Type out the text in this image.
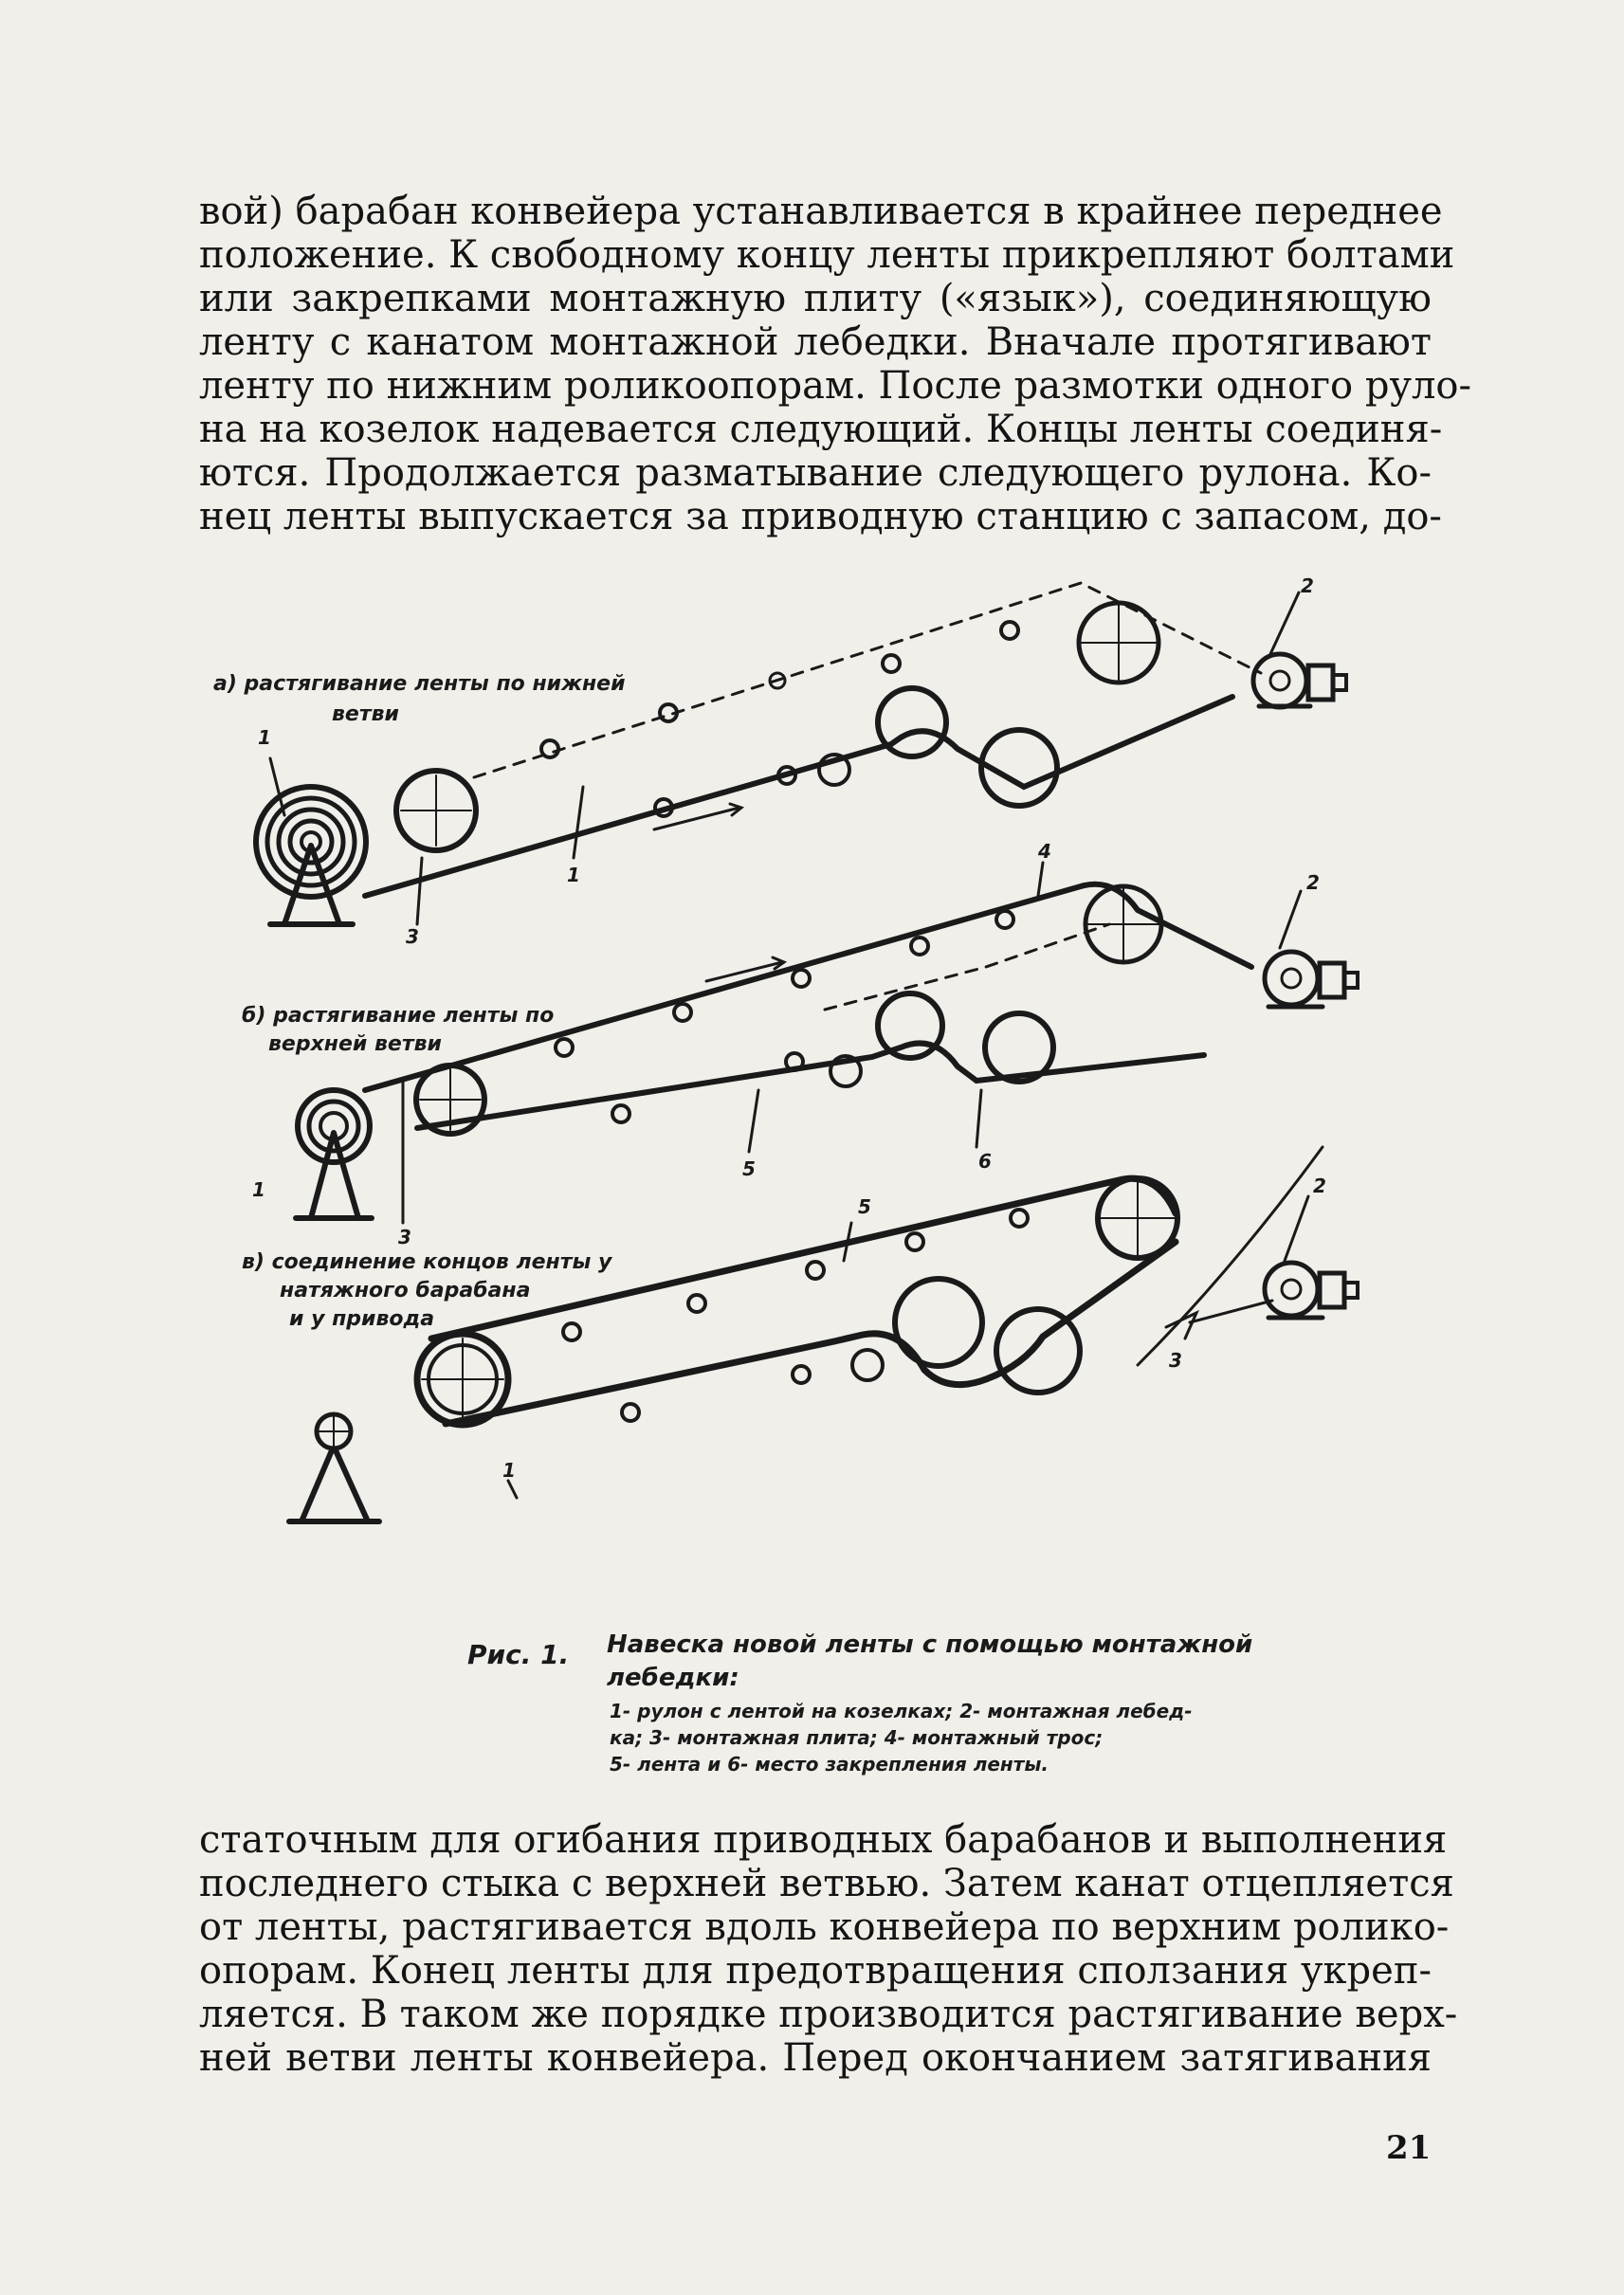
вой) барабан конвейера устанавливается в крайнее переднее
положение. К свободному концу ленты прикрепляют болтами
или закрепками монтажную плиту («язык»), соединяющую
ленту с канатом монтажной лебедки. Вначале протягивают
ленту по нижним роликоопорам. После размотки одного руло-
на на козелок надевается следующий. Концы ленты соединя-
ются. Продолжается разматывание следующего рулона. Ко-
нец ленты выпускается за приводную станцию с запасом, до-
а) растягивание ленты по нижней
ветви
1
3
1
2
б) растягивание ленты по
верхней ветви
4
2
1
3
5	6
в) соединение концов ленты у
натяжного барабана
и у привода
5
2
3
1
Рис. 1. Навеска новой ленты с помощью монтажной
лебедки:
1- рулон с лентой на козелках; 2- монтажная лебед-
ка; 3- монтажная плита; 4- монтажный трос;
5- лента и 6- место закрепления ленты.
статочным для огибания приводных барабанов и выполнения
последнего стыка с верхней ветвью. Затем канат отцепляется
от ленты, растягивается вдоль конвейера по верхним ролико-
опорам. Конец ленты для предотвращения сползания укреп-
ляется. В таком же порядке производится растягивание верх-
ней ветви ленты конвейера. Перед окончанием затягивания
21
